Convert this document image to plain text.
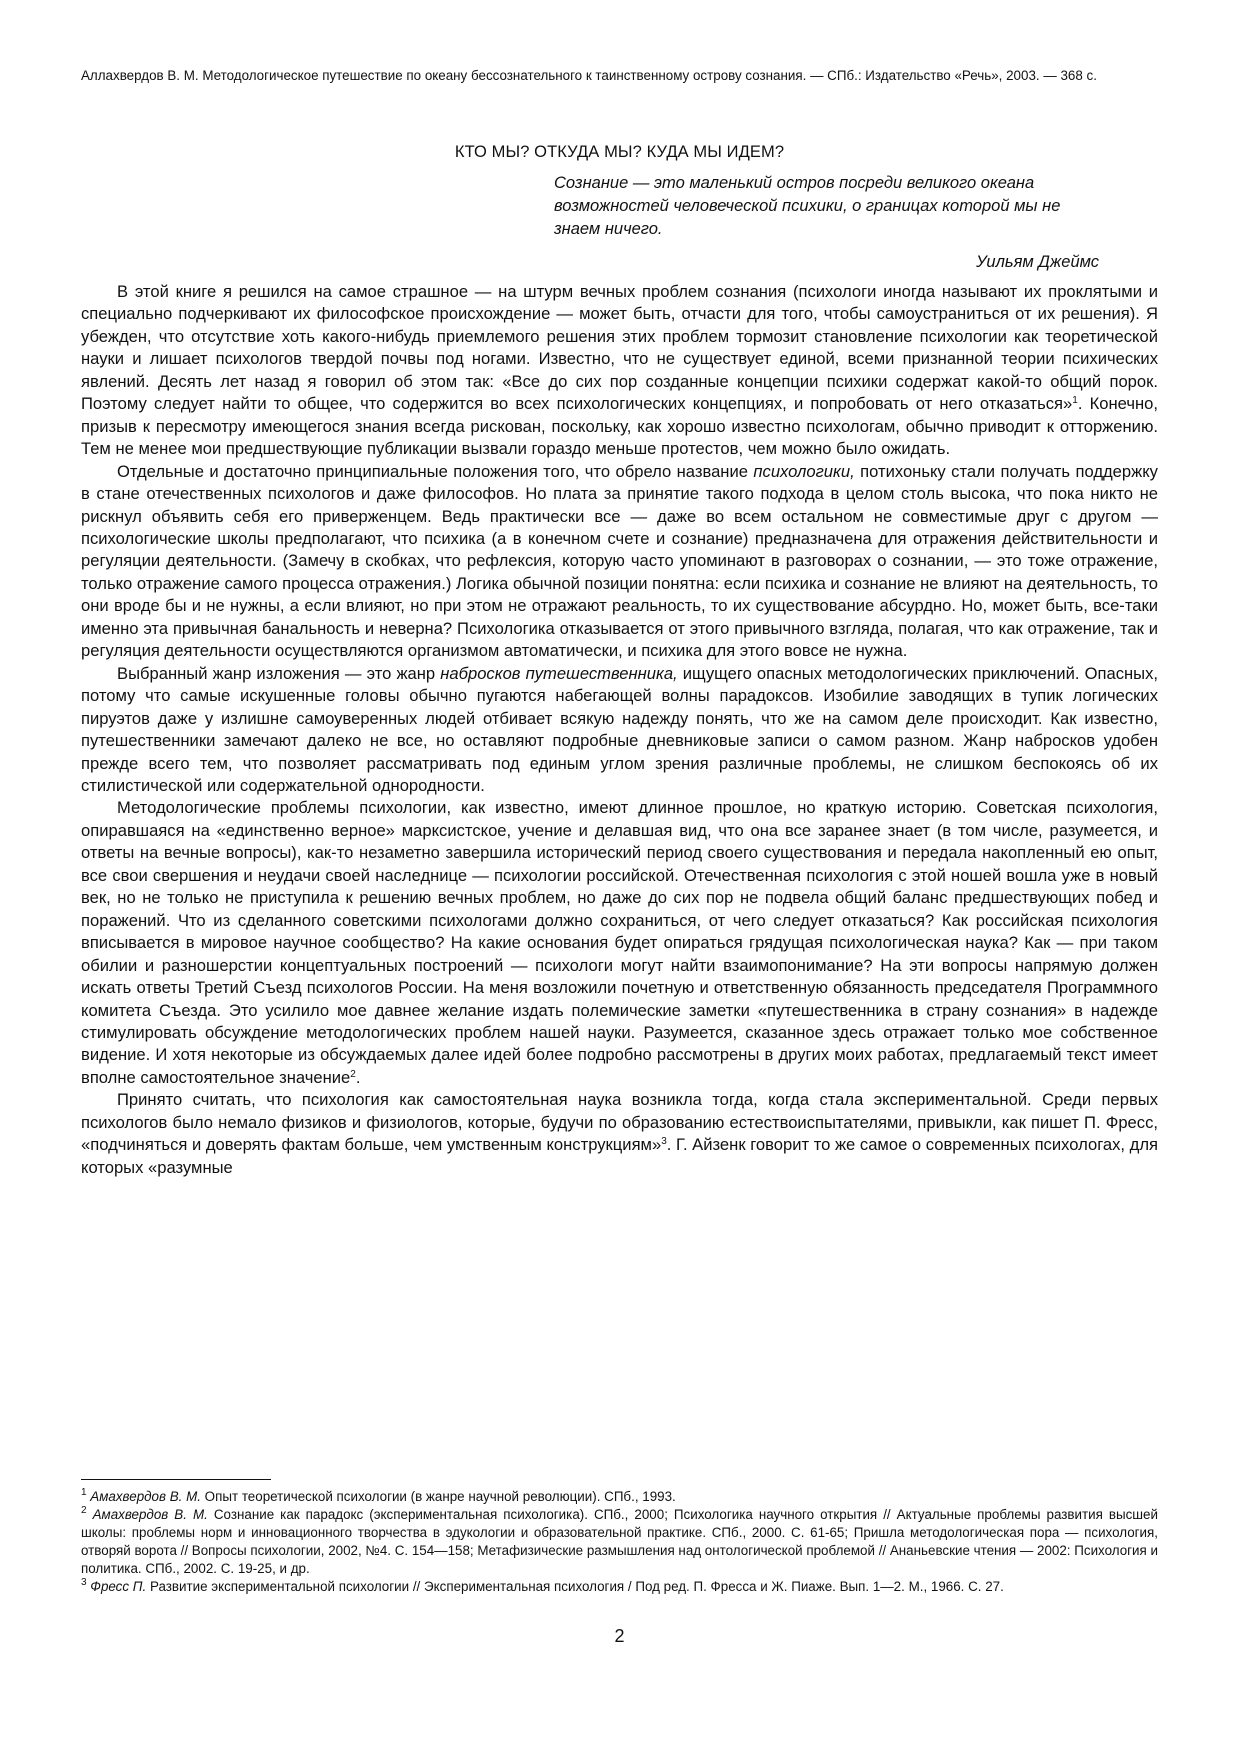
Аллахвердов В. М. Методологическое путешествие по океану бессознательного к таинственному острову сознания. — СПб.: Издательство «Речь», 2003. — 368 с.
КТО МЫ? ОТКУДА МЫ? КУДА МЫ ИДЕМ?
Сознание — это маленький остров посреди великого океана возможностей человеческой психики, о границах которой мы не знаем ничего.
Уильям Джеймс

В этой книге я решился на самое страшное — на штурм вечных проблем сознания (психологи иногда называют их проклятыми и специально подчеркивают их философское происхождение — может быть, отчасти для того, чтобы самоустраниться от их решения). Я убежден, что отсутствие хоть какого-нибудь приемлемого решения этих проблем тормозит становление психологии как теоретической науки и лишает психологов твердой почвы под ногами. Известно, что не существует единой, всеми признанной теории психических явлений. Десять лет назад я говорил об этом так: «Все до сих пор созданные концепции психики содержат какой-то общий порок. Поэтому следует найти то общее, что содержится во всех психологических концепциях, и попробовать от него отказаться»$^1$. Конечно, призыв к пересмотру имеющегося знания всегда рискован, поскольку, как хорошо известно психологам, обычно приводит к отторжению. Тем не менее мои предшествующие публикации вызвали гораздо меньше протестов, чем можно было ожидать.

Отдельные и достаточно принципиальные положения того, что обрело название психологики, потихоньку стали получать поддержку в стане отечественных психологов и даже философов. Но плата за принятие такого подхода в целом столь высока, что пока никто не рискнул объявить себя его приверженцем. Ведь практически все — даже во всем остальном не совместимые друг с другом — психологические школы предполагают, что психика (а в конечном счете и сознание) предназначена для отражения действительности и регуляции деятельности. (Замечу в скобках, что рефлексия, которую часто упоминают в разговорах о сознании, — это тоже отражение, только отражение самого процесса отражения.) Логика обычной позиции понятна: если психика и сознание не влияют на деятельность, то они вроде бы и не нужны, а если влияют, но при этом не отражают реальность, то их существование абсурдно. Но, может быть, все-таки именно эта привычная банальность и неверна? Психологика отказывается от этого привычного взгляда, полагая, что как отражение, так и регуляция деятельности осуществляются организмом автоматически, и психика для этого вовсе не нужна.

Выбранный жанр изложения — это жанр набросков путешественника, ищущего опасных методологических приключений. Опасных, потому что самые искушенные головы обычно пугаются набегающей волны парадоксов. Изобилие заводящих в тупик логических пируэтов даже у излишне самоуверенных людей отбивает всякую надежду понять, что же на самом деле происходит. Как известно, путешественники замечают далеко не все, но оставляют подробные дневниковые записи о самом разном. Жанр набросков удобен прежде всего тем, что позволяет рассматривать под единым углом зрения различные проблемы, не слишком беспокоясь об их стилистической или содержательной однородности.

Методологические проблемы психологии, как известно, имеют длинное прошлое, но краткую историю. Советская психология, опиравшаяся на «единственно верное» марксистское, учение и делавшая вид, что она все заранее знает (в том числе, разумеется, и ответы на вечные вопросы), как-то незаметно завершила исторический период своего существования и передала накопленный ею опыт, все свои свершения и неудачи своей наследнице — психологии российской. Отечественная психология с этой ношей вошла уже в новый век, но не только не приступила к решению вечных проблем, но даже до сих пор не подвела общий баланс предшествующих побед и поражений. Что из сделанного советскими психологами должно сохраниться, от чего следует отказаться? Как российская психология вписывается в мировое научное сообщество? На какие основания будет опираться грядущая психологическая наука? Как — при таком обилии и разношерстии концептуальных построений — психологи могут найти взаимопонимание? На эти вопросы напрямую должен искать ответы Третий Съезд психологов России. На меня возложили почетную и ответственную обязанность председателя Программного комитета Съезда. Это усилило мое давнее желание издать полемические заметки «путешественника в страну сознания» в надежде стимулировать обсуждение методологических проблем нашей науки. Разумеется, сказанное здесь отражает только мое собственное видение. И хотя некоторые из обсуждаемых далее идей более подробно рассмотрены в других моих работах, предлагаемый текст имеет вполне самостоятельное значение$^2$.

Принято считать, что психология как самостоятельная наука возникла тогда, когда стала экспериментальной. Среди первых психологов было немало физиков и физиологов, которые, будучи по образованию естествоиспытателями, привыкли, как пишет П. Фресс, «подчиняться и доверять фактам больше, чем умственным конструкциям»$^3$. Г. Айзенк говорит то же самое о современных психологах, для которых «разумные

$^1$ Амахвердов В. М. Опыт теоретической психологии (в жанре научной революции). СПб., 1993.

$^2$ Амахвердов В. М. Сознание как парадокс (экспериментальная психологика). СПб., 2000; Психологика научного открытия // Актуальные проблемы развития высшей школы: проблемы норм и инновационного творчества в эдукологии и образовательной практике. СПб., 2000. С. 61-65; Пришла методологическая пора — психология, отворяй ворота // Вопросы психологии, 2002, №4. С. 154—158; Метафизические размышления над онтологической проблемой // Ананьевские чтения — 2002: Психология и политика. СПб., 2002. С. 19-25, и др.

$^3$ Фресс П. Развитие экспериментальной психологии // Экспериментальная психология / Под ред. П. Фресса и Ж. Пиаже. Вып. 1—2. М., 1966. С. 27.

2
